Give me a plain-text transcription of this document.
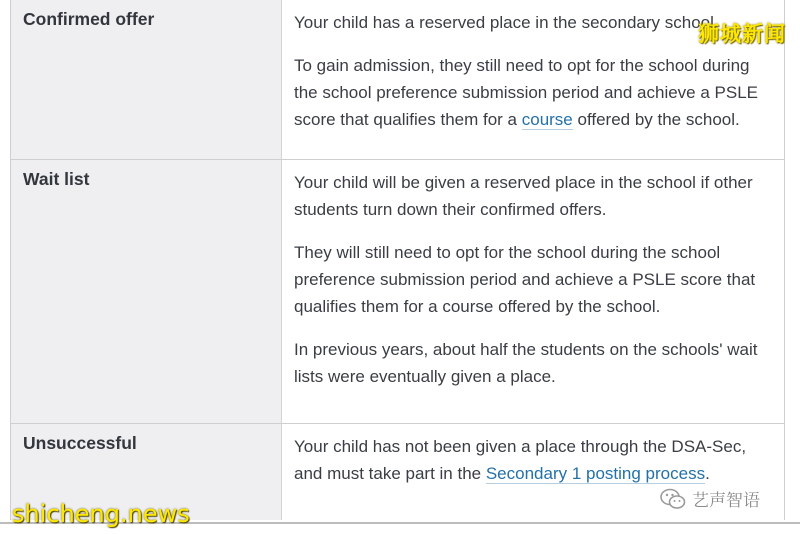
Confirmed offer	Your child has a reserved place in the secondary school.

To gain admission, they still need to opt for the school during the school preference submission period and achieve a PSLE score that qualifies them for a course offered by the school.

Wait list	Your child will be given a reserved place in the school if other students turn down their confirmed offers.

They will still need to opt for the school during the school preference submission period and achieve a PSLE score that qualifies them for a course offered by the school.

In previous years, about half the students on the schools' wait lists were eventually given a place.

Unsuccessful	Your child has not been given a place through the DSA-Sec, and must take part in the Secondary 1 posting process.

狮城新闻
shicheng.news	艺声智语
